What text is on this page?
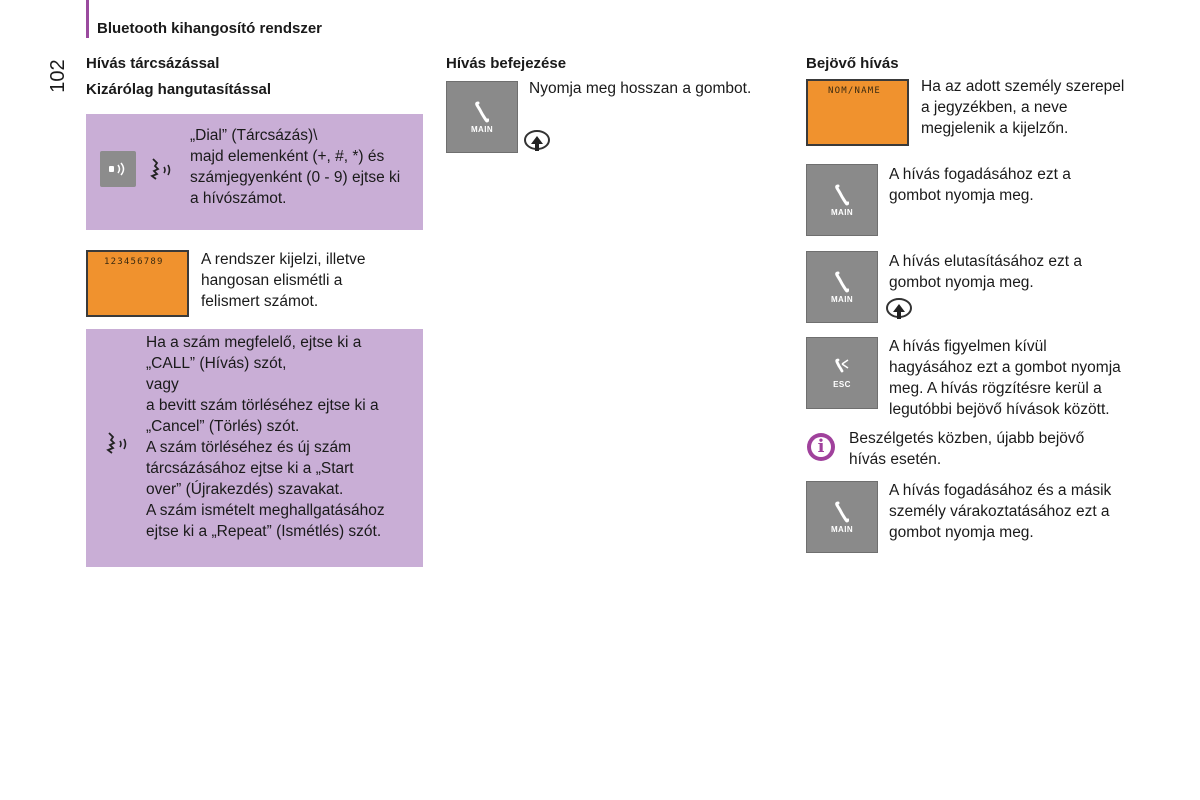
Bluetooth kihangosító rendszer
102	Hívás tárcsázással
Kizárólag hangutasítással
„Dial” (Tárcsázás)\
majd elemenként (+, #, *) és
számjegyenként (0 - 9) ejtse ki
a hívószámot.
123456789	A rendszer kijelzi, illetve
hangosan elismétli a
felismert számot.
Ha a szám megfelelő, ejtse ki a
„CALL” (Hívás) szót,
vagy
a bevitt szám törléséhez ejtse ki a
„Cancel” (Törlés) szót.
A szám törléséhez és új szám
tárcsázásához ejtse ki a „Start
over” (Újrakezdés) szavakat.
A szám ismételt meghallgatásához
ejtse ki a „Repeat” (Ismétlés) szót.
Hívás befejezése
MAIN
Nyomja meg hosszan a gombot.
Bejövő hívás
NOM/NAME	Ha az adott személy szerepel
a jegyzékben, a neve
megjelenik a kijelzőn.
MAIN
A hívás fogadásához ezt a
gombot nyomja meg.
MAIN
A hívás elutasításához ezt a
gombot nyomja meg.
ESC
A hívás figyelmen kívül
hagyásához ezt a gombot nyomja
meg. A hívás rögzítésre kerül a
legutóbbi bejövő hívások között.
i	Beszélgetés közben, újabb bejövő
hívás esetén.
MAIN
A hívás fogadásához és a másik
személy várakoztatásához ezt a
gombot nyomja meg.
